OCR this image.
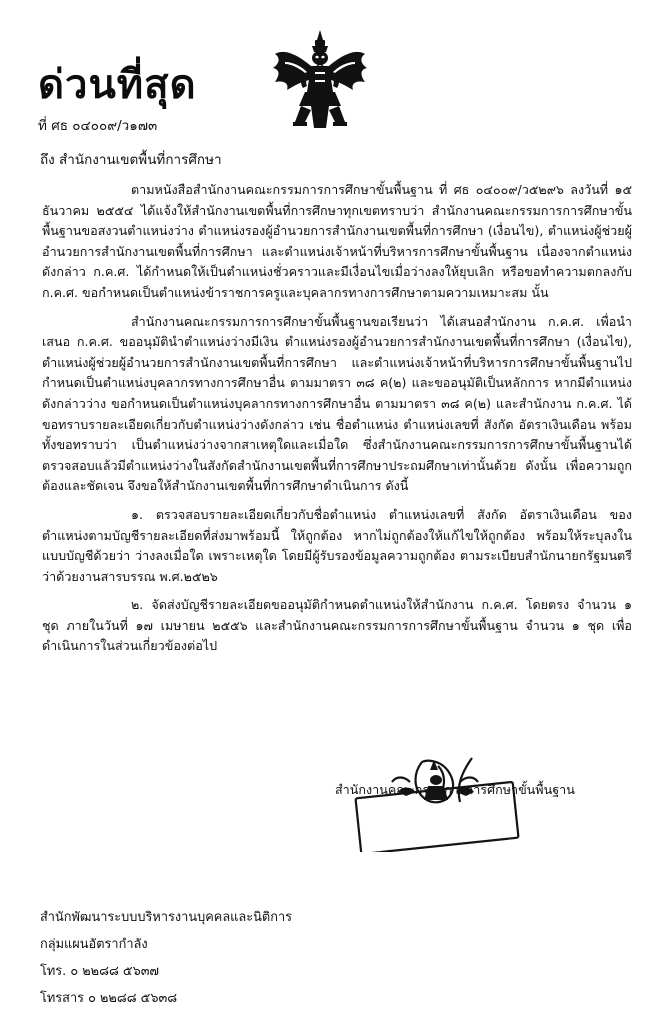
ด่วนที่สุด
ที่ ศธ ๐๔๐๐๙/ว๑๗๓
ถึง สำนักงานเขตพื้นที่การศึกษา

ตามหนังสือสำนักงานคณะกรรมการการศึกษาขั้นพื้นฐาน ที่ ศธ ๐๔๐๐๙/ว๕๒๙๖ ลงวันที่ ๑๕ ธันวาคม ๒๕๕๔ ได้แจ้งให้สำนักงานเขตพื้นที่การศึกษาทุกเขตทราบว่า สำนักงานคณะกรรมการการศึกษาขั้นพื้นฐานขอสงวนตำแหน่งว่าง ตำแหน่งรองผู้อำนวยการสำนักงานเขตพื้นที่การศึกษา (เงื่อนไข), ตำแหน่งผู้ช่วยผู้อำนวยการสำนักงานเขตพื้นที่การศึกษา และตำแหน่งเจ้าหน้าที่บริหารการศึกษาขั้นพื้นฐาน เนื่องจากตำแหน่งดังกล่าว ก.ค.ศ. ได้กำหนดให้เป็นตำแหน่งชั่วคราวและมีเงื่อนไขเมื่อว่างลงให้ยุบเลิก หรือขอทำความตกลงกับ ก.ค.ศ. ขอกำหนดเป็นตำแหน่งข้าราชการครูและบุคลากรทางการศึกษาตามความเหมาะสม นั้น

สำนักงานคณะกรรมการการศึกษาขั้นพื้นฐานขอเรียนว่า ได้เสนอสำนักงาน ก.ค.ศ. เพื่อนำเสนอ ก.ค.ศ. ขออนุมัตินำตำแหน่งว่างมีเงิน ตำแหน่งรองผู้อำนวยการสำนักงานเขตพื้นที่การศึกษา (เงื่อนไข), ตำแหน่งผู้ช่วยผู้อำนวยการสำนักงานเขตพื้นที่การศึกษา และตำแหน่งเจ้าหน้าที่บริหารการศึกษาขั้นพื้นฐานไปกำหนดเป็นตำแหน่งบุคลากรทางการศึกษาอื่น ตามมาตรา ๓๘ ค(๒) และขออนุมัติเป็นหลักการ หากมีตำแหน่งดังกล่าวว่าง ขอกำหนดเป็นตำแหน่งบุคลากรทางการศึกษาอื่น ตามมาตรา ๓๘ ค(๒) และสำนักงาน ก.ค.ศ. ได้ขอทราบรายละเอียดเกี่ยวกับตำแหน่งว่างดังกล่าว เช่น ชื่อตำแหน่ง ตำแหน่งเลขที่ สังกัด อัตราเงินเดือน พร้อมทั้งขอทราบว่า เป็นตำแหน่งว่างจากสาเหตุใดและเมื่อใด ซึ่งสำนักงานคณะกรรมการการศึกษาขั้นพื้นฐานได้ตรวจสอบแล้วมีตำแหน่งว่างในสังกัดสำนักงานเขตพื้นที่การศึกษาประถมศึกษาเท่านั้นด้วย ดังนั้น เพื่อความถูกต้องและชัดเจน จึงขอให้สำนักงานเขตพื้นที่การศึกษาดำเนินการ ดังนี้

๑. ตรวจสอบรายละเอียดเกี่ยวกับชื่อตำแหน่ง ตำแหน่งเลขที่ สังกัด อัตราเงินเดือน ของตำแหน่งตามบัญชีรายละเอียดที่ส่งมาพร้อมนี้ ให้ถูกต้อง หากไม่ถูกต้องให้แก้ไขให้ถูกต้อง พร้อมให้ระบุลงในแบบบัญชีด้วยว่า ว่างลงเมื่อใด เพราะเหตุใด โดยมีผู้รับรองข้อมูลความถูกต้อง ตามระเบียบสำนักนายกรัฐมนตรีว่าด้วยงานสารบรรณ พ.ศ.๒๕๒๖

๒. จัดส่งบัญชีรายละเอียดขออนุมัติกำหนดตำแหน่งให้สำนักงาน ก.ค.ศ. โดยตรง จำนวน ๑ ชุด ภายในวันที่ ๑๗ เมษายน ๒๕๕๖ และสำนักงานคณะกรรมการการศึกษาขั้นพื้นฐาน จำนวน ๑ ชุด เพื่อดำเนินการในส่วนเกี่ยวข้องต่อไป

สำนักงานคณะกรรมการการศึกษาขั้นพื้นฐาน
สำนักพัฒนาระบบบริหารงานบุคคลและนิติการ
กลุ่มแผนอัตรากำลัง
โทร. ๐ ๒๒๘๘ ๕๖๓๗
โทรสาร ๐ ๒๒๘๘ ๕๖๓๘
